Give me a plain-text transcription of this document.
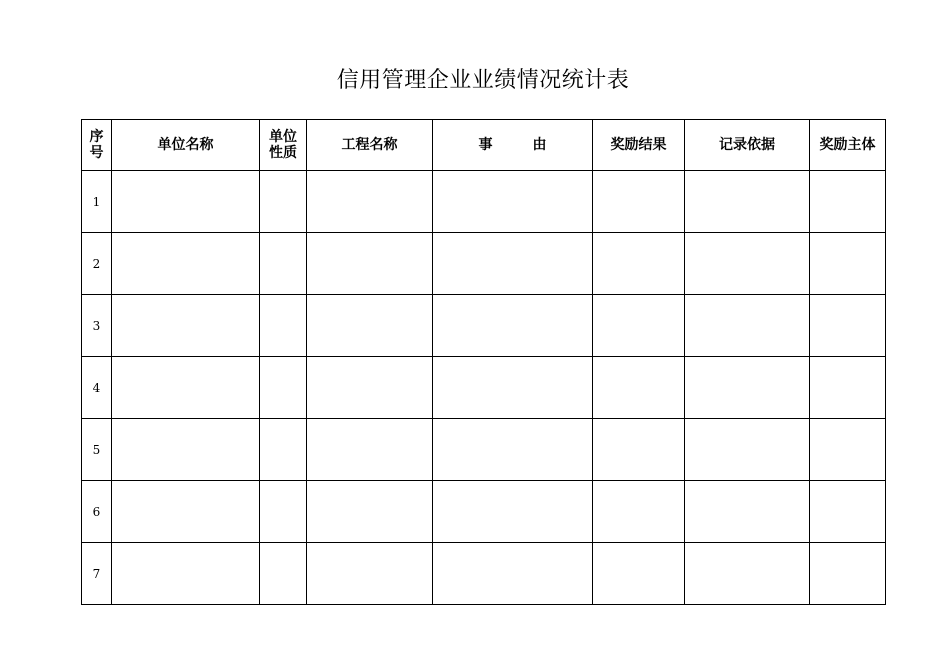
信用管理企业业绩情况统计表
序号	单位名称	单位性质	工程名称	事由	奖励结果	记录依据	奖励主体
1							
2							
3							
4							
5							
6							
7							
